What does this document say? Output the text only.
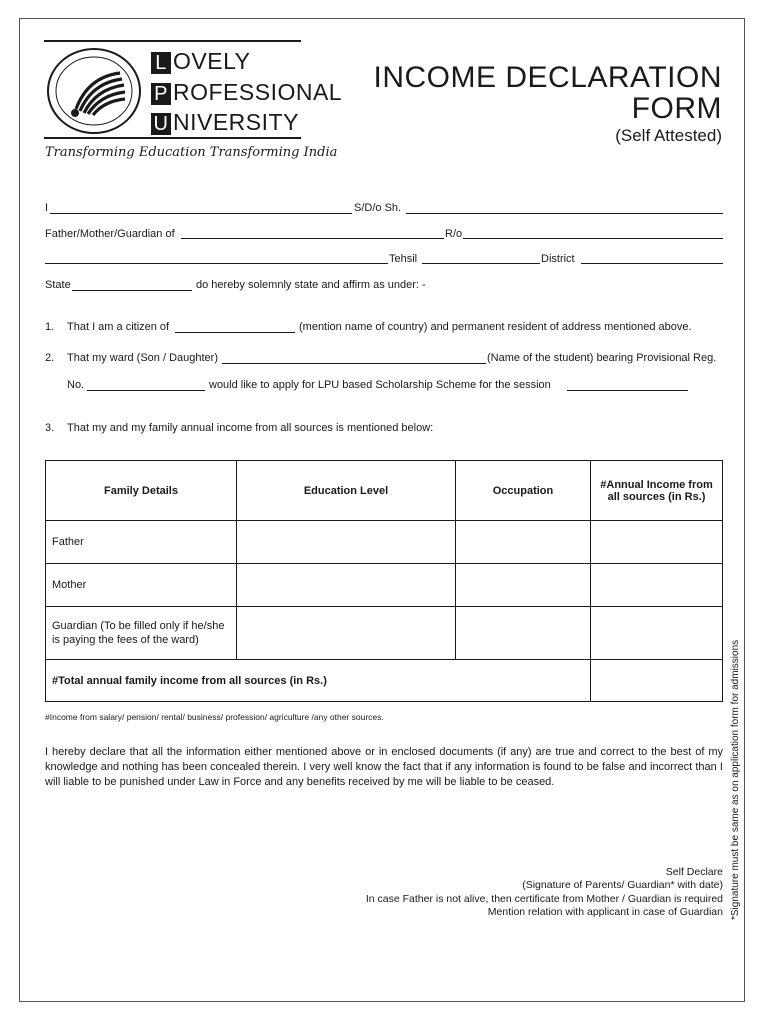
L OVELY
P ROFESSIONAL
U NIVERSITY
Transforming Education Transforming India
INCOME DECLARATION
FORM
(Self Attested)
I	S/D/o Sh.
Father/Mother/Guardian of	R/o
Tehsil	District
State	do hereby solemnly state and affirm as under: -
1. That I am a citizen of	(mention name of country) and permanent resident of address mentioned above.
2. That my ward (Son / Daughter)	(Name of the student) bearing Provisional Reg.
No.	would like to apply for LPU based Scholarship Scheme for the session
3. That my and my family annual income from all sources is mentioned below:
Family Details	Education Level	Occupation	#Annual Income from all sources (in Rs.)
Father			
Mother			
Guardian (To be filled only if he/she is paying the fees of the ward)			
#Total annual family income from all sources (in Rs.)			
#Income from salary/ pension/ rental/ business/ profession/ agriculture /any other sources.
I hereby declare that all the information either mentioned above or in enclosed documents (if any) are true and correct to the best of my knowledge and nothing has been concealed therein. I very well know the fact that if any information is found to be false and incorrect than I will liable to be punished under Law in Force and any benefits received by me will be liable to be ceased.
Self Declare
(Signature of Parents/ Guardian* with date)
In case Father is not alive, then certificate from Mother / Guardian is required
Mention relation with applicant in case of Guardian *Signature must be same as on application form for admissions
